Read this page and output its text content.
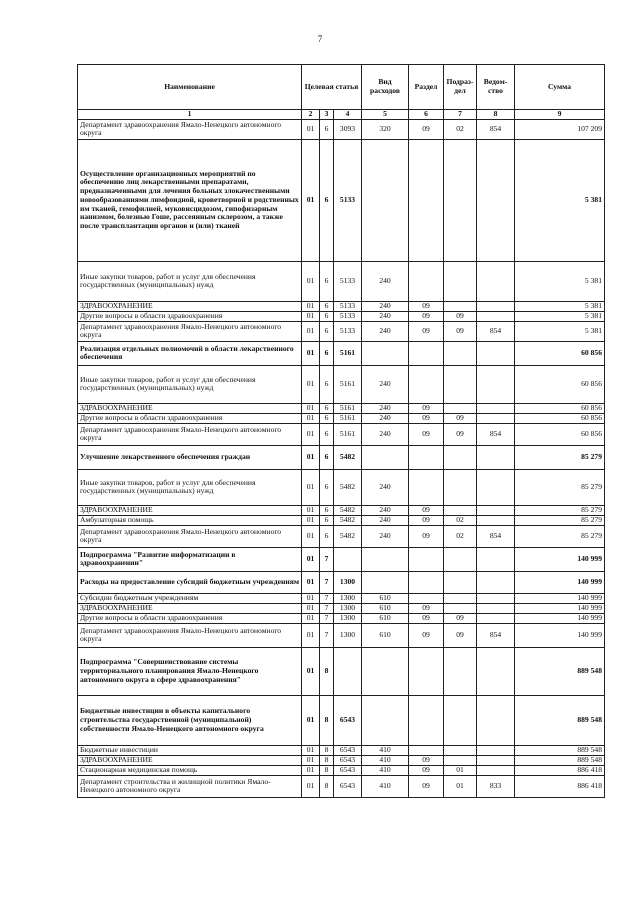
7
Наименование	Целевая статья			Вид расходов	Раздел	Подраз-дел	Ведом-ство	Сумма
1	2	3	4	5	6	7	8	9
Департамент здравоохранения Ямало-Ненецкого автономного округа	01	6	3093	320	09	02	854	107 209
Осуществление организационных мероприятий по обеспечению лиц лекарственными препаратами, предназначенными для лечения больных злокачественными новообразованиями лимфоидной, кроветворной и родственных им тканей, гемофилией, муковисцидозом, гипофизарным нанизмом, болезнью Гоше, рассеянным склерозом, а также после трансплантации органов и (или) тканей	01	6	5133					5 381
Иные закупки товаров, работ и услуг для обеспечения государственных (муниципальных) нужд	01	6	5133	240				5 381
ЗДРАВООХРАНЕНИЕ	01	6	5133	240	09			5 381
Другие вопросы в области здравоохранения	01	6	5133	240	09	09		5 381
Департамент здравоохранения Ямало-Ненецкого автономного округа	01	6	5133	240	09	09	854	5 381
Реализация отдельных полномочий в области лекарственного обеспечения	01	6	5161					60 856
Иные закупки товаров, работ и услуг для обеспечения государственных (муниципальных) нужд	01	6	5161	240				60 856
ЗДРАВООХРАНЕНИЕ	01	6	5161	240	09			60 856
Другие вопросы в области здравоохранения	01	6	5161	240	09	09		60 856
Департамент здравоохранения Ямало-Ненецкого автономного округа	01	6	5161	240	09	09	854	60 856
Улучшение лекарственного обеспечения граждан	01	6	5482					85 279
Иные закупки товаров, работ и услуг для обеспечения государственных (муниципальных) нужд	01	6	5482	240				85 279
ЗДРАВООХРАНЕНИЕ	01	6	5482	240	09			85 279
Амбулаторная помощь	01	6	5482	240	09	02		85 279
Департамент здравоохранения Ямало-Ненецкого автономного округа	01	6	5482	240	09	02	854	85 279
Подпрограмма "Развитие информатизации в здравоохранении"	01	7						140 999
Расходы на предоставление субсидий бюджетным учреждениям	01	7	1300					140 999
Субсидии бюджетным учреждениям	01	7	1300	610				140 999
ЗДРАВООХРАНЕНИЕ	01	7	1300	610	09			140 999
Другие вопросы в области здравоохранения	01	7	1300	610	09	09		140 999
Департамент здравоохранения Ямало-Ненецкого автономного округа	01	7	1300	610	09	09	854	140 999
Подпрограмма "Совершенствование системы территориального планирования Ямало-Ненецкого автономного округа в сфере здравоохранения"	01	8						889 548
Бюджетные инвестиции в объекты капитального строительства государственной (муниципальной) собственности Ямало-Ненецкого автономного округа	01	8	6543					889 548
Бюджетные инвестиции	01	8	6543	410				889 548
ЗДРАВООХРАНЕНИЕ	01	8	6543	410	09			889 548
Стационарная медицинская помощь	01	8	6543	410	09	01		886 418
Департамент строительства и жилищной политики Ямало-Ненецкого автономного округа	01	8	6543	410	09	01	833	886 418
